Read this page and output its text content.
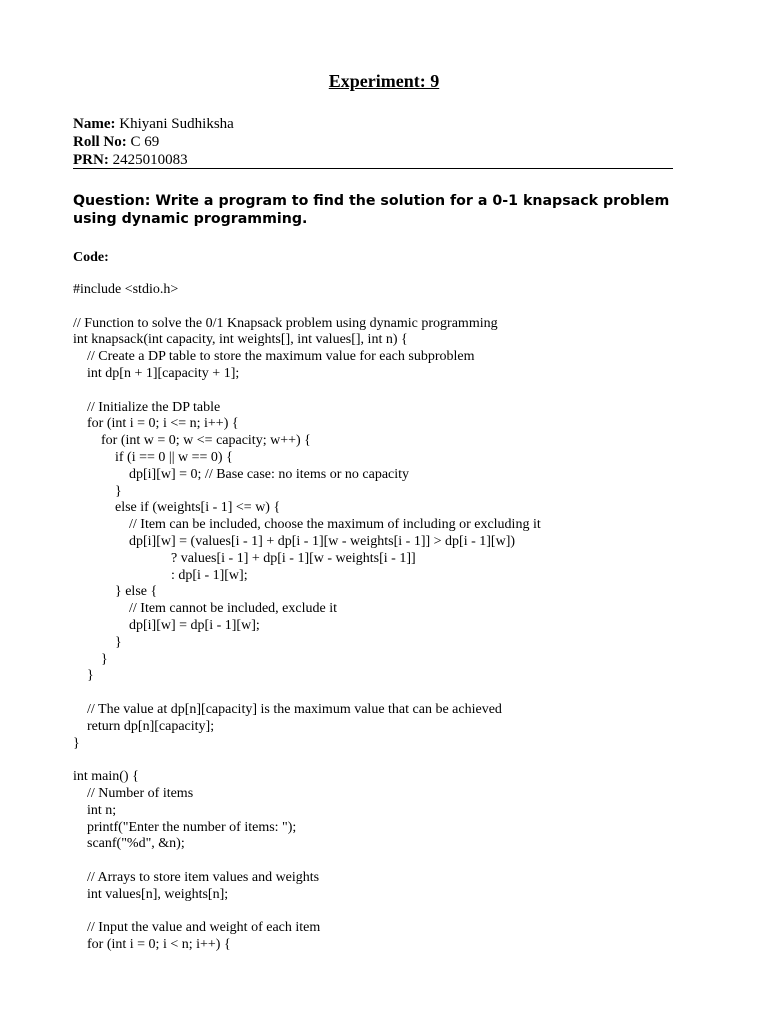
Experiment: 9
Name: Khiyani Sudhiksha
Roll No: C 69
PRN: 2425010083
Question: Write a program to find the solution for a 0-1 knapsack problem using dynamic programming.
Code:
#include <stdio.h>
// Function to solve the 0/1 Knapsack problem using dynamic programming
int knapsack(int capacity, int weights[], int values[], int n) {
// Create a DP table to store the maximum value for each subproblem
int dp[n + 1][capacity + 1];
// Initialize the DP table
for (int i = 0; i <= n; i++) {
for (int w = 0; w <= capacity; w++) {
if (i == 0 || w == 0) {
dp[i][w] = 0; // Base case: no items or no capacity
}
else if (weights[i - 1] <= w) {
// Item can be included, choose the maximum of including or excluding it
dp[i][w] = (values[i - 1] + dp[i - 1][w - weights[i - 1]] > dp[i - 1][w])
? values[i - 1] + dp[i - 1][w - weights[i - 1]]
: dp[i - 1][w];
} else {
// Item cannot be included, exclude it
dp[i][w] = dp[i - 1][w];
}
}
}
// The value at dp[n][capacity] is the maximum value that can be achieved
return dp[n][capacity];
}
int main() {
// Number of items
int n;
printf("Enter the number of items: ");
scanf("%d", &n);
// Arrays to store item values and weights
int values[n], weights[n];
// Input the value and weight of each item
for (int i = 0; i < n; i++) {
